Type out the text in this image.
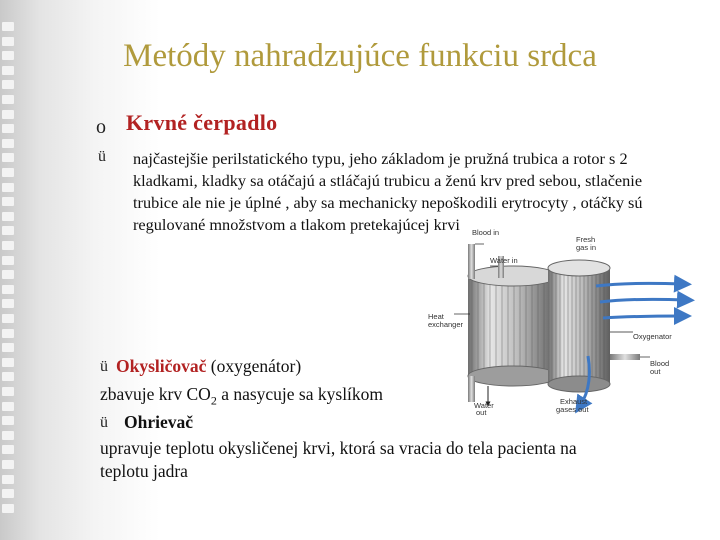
Metódy nahradzujúce funkciu srdca
o Krvné čerpadlo
ü	najčastejšie perilstatického typu, jeho základom je pružná trubica a rotor s 2
kladkami, kladky sa otáčajú a stláčajú trubicu a ženú krv pred sebou, stlačenie
trubice ale nie je úplné , aby sa mechanicky nepoškodili erytrocyty , otáčky sú
regulované množstvom a tlakom pretekajúcej krvi	Blood in
Fresh
gas in
Water in
Heat
exchanger
Oxygenator
Blood
out
Water
out
Exhaust
gases out
ü Okysličovač (oxygenátor)
zbavuje krv $CO_2$ a nasycuje sa kyslíkom
ü Ohrievač
upravuje teplotu okysličenej krvi, ktorá sa vracia do tela pacienta na
teplotu jadra
